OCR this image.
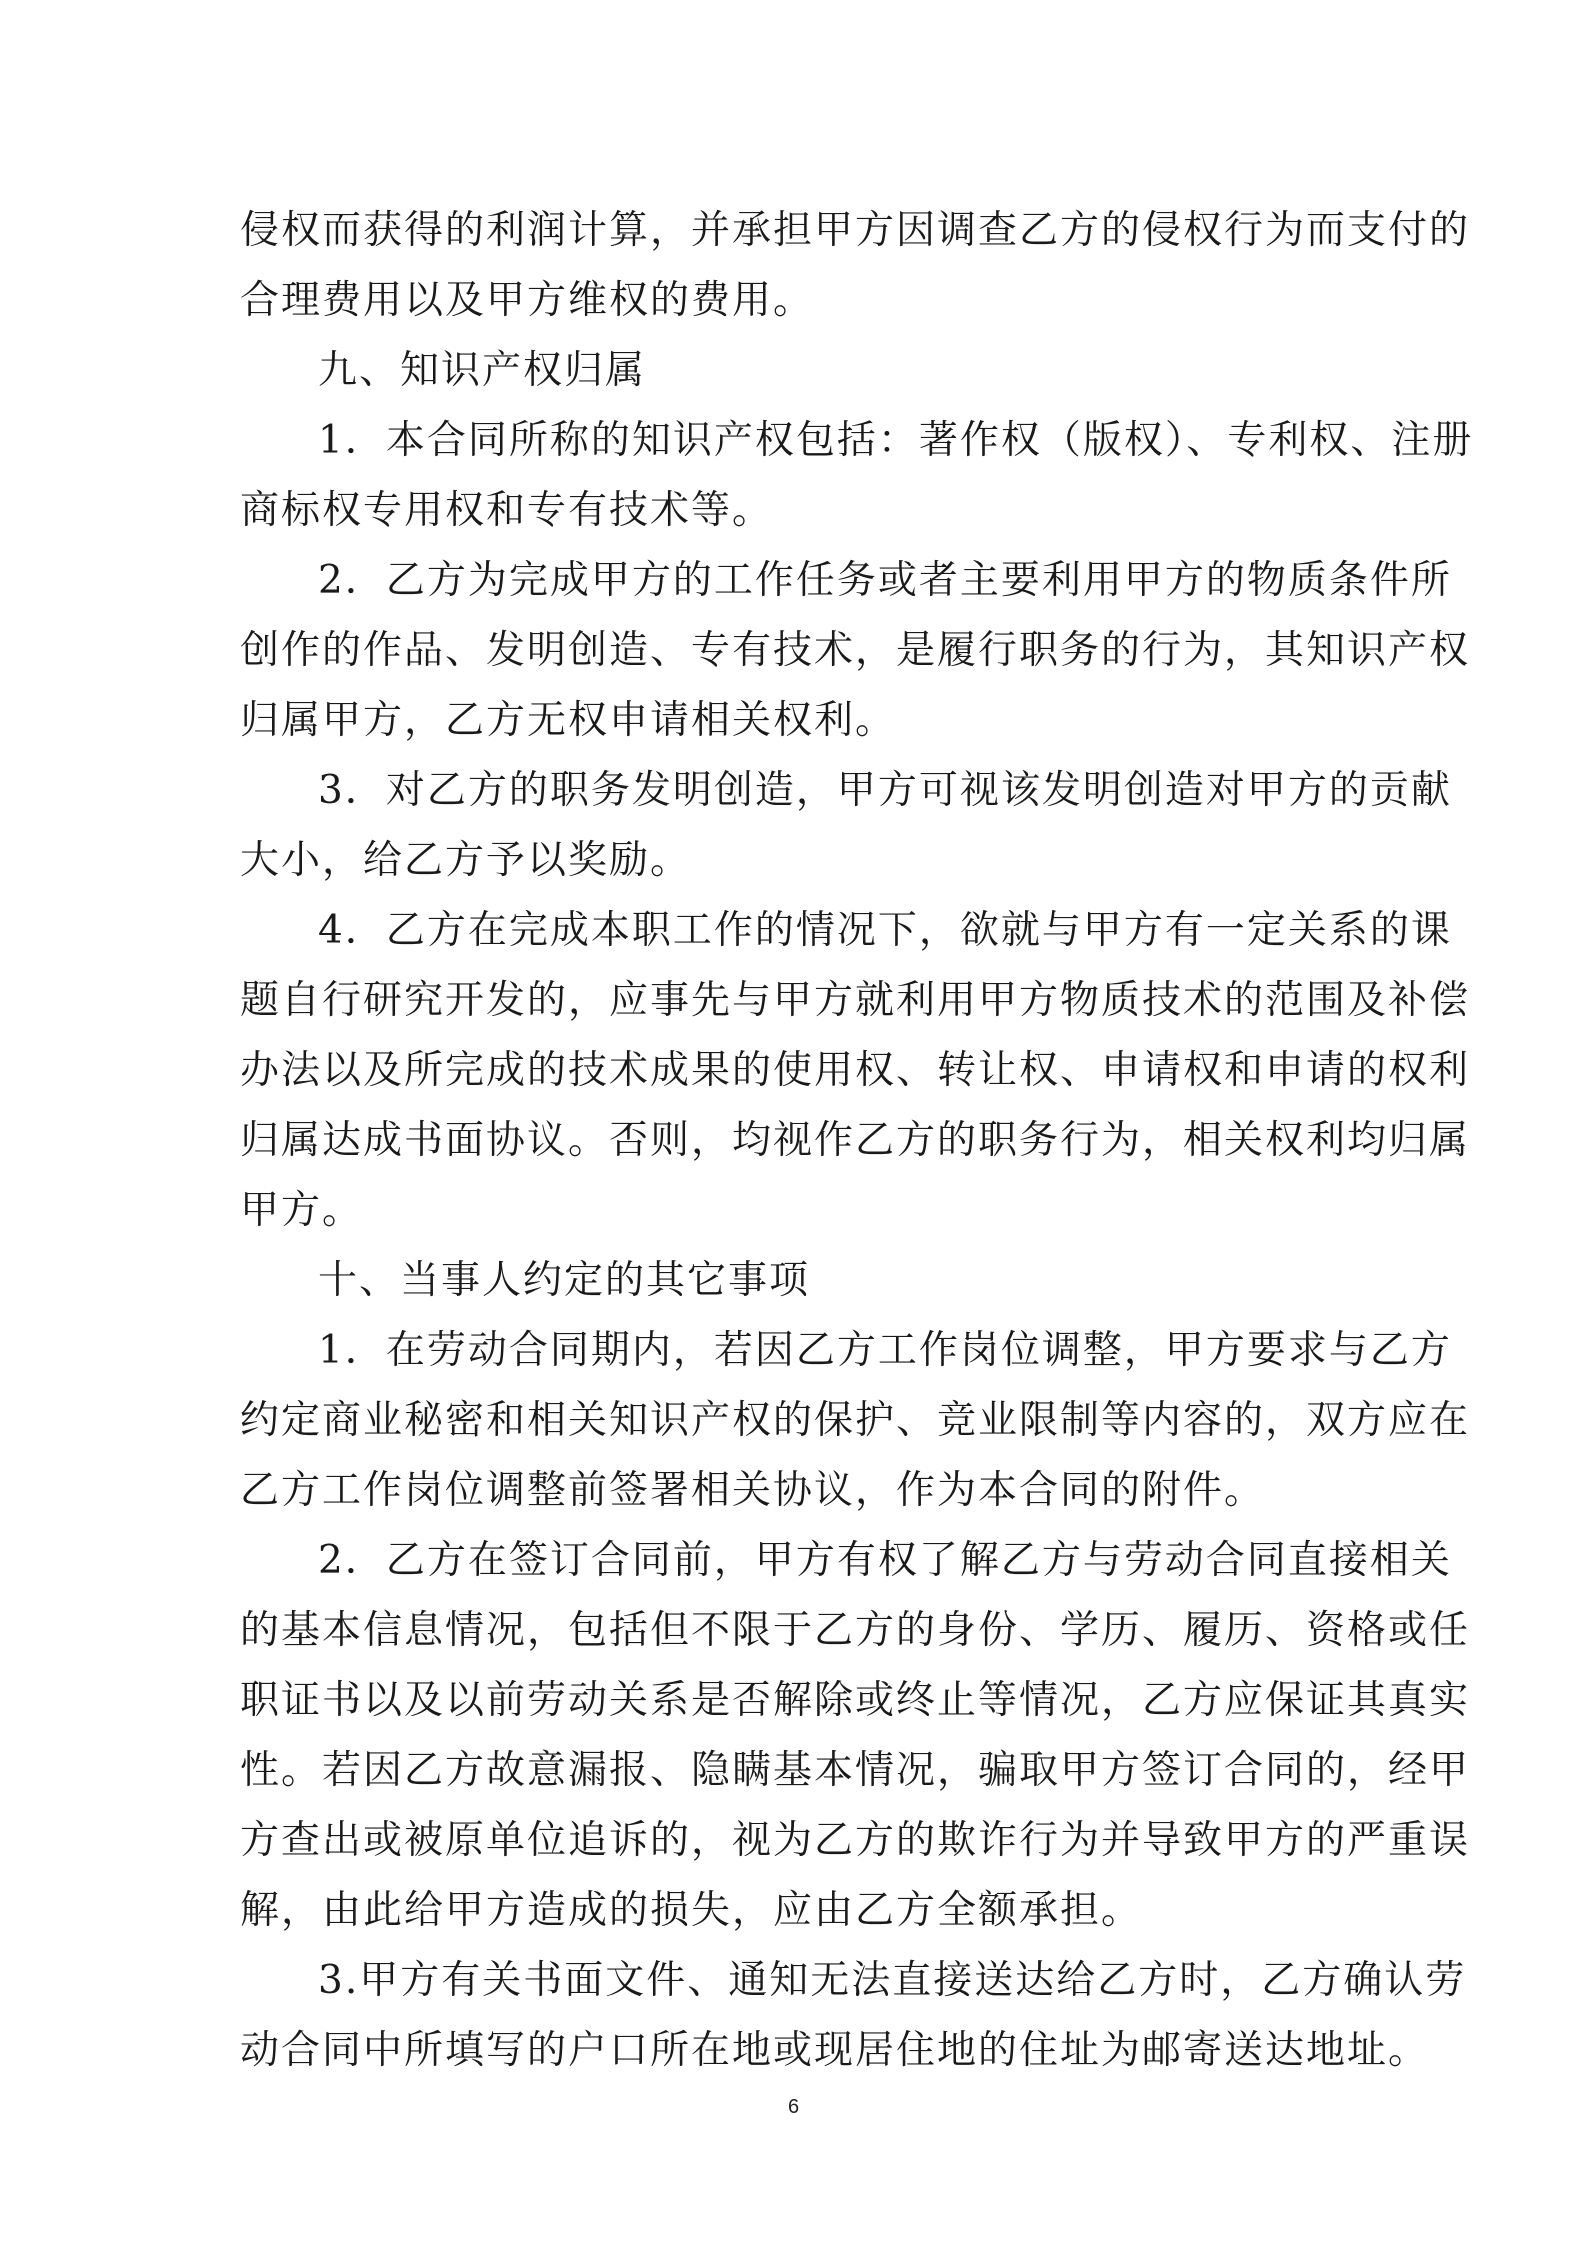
侵权而获得的利润计算，并承担甲方因调查乙方的侵权行为而支付的
合理费用以及甲方维权的费用。
九、知识产权归属
1．本合同所称的知识产权包括：著作权（版权）、专利权、注册
商标权专用权和专有技术等。
2．乙方为完成甲方的工作任务或者主要利用甲方的物质条件所
创作的作品、发明创造、专有技术，是履行职务的行为，其知识产权
归属甲方，乙方无权申请相关权利。
3．对乙方的职务发明创造，甲方可视该发明创造对甲方的贡献
大小，给乙方予以奖励。
4．乙方在完成本职工作的情况下，欲就与甲方有一定关系的课
题自行研究开发的，应事先与甲方就利用甲方物质技术的范围及补偿
办法以及所完成的技术成果的使用权、转让权、申请权和申请的权利
归属达成书面协议。否则，均视作乙方的职务行为，相关权利均归属
甲方。
十、当事人约定的其它事项
1．在劳动合同期内，若因乙方工作岗位调整，甲方要求与乙方
约定商业秘密和相关知识产权的保护、竞业限制等内容的，双方应在
乙方工作岗位调整前签署相关协议，作为本合同的附件。
2．乙方在签订合同前，甲方有权了解乙方与劳动合同直接相关
的基本信息情况，包括但不限于乙方的身份、学历、履历、资格或任
职证书以及以前劳动关系是否解除或终止等情况，乙方应保证其真实
性。若因乙方故意漏报、隐瞒基本情况，骗取甲方签订合同的，经甲
方查出或被原单位追诉的，视为乙方的欺诈行为并导致甲方的严重误
解，由此给甲方造成的损失，应由乙方全额承担。
3.甲方有关书面文件、通知无法直接送达给乙方时，乙方确认劳
动合同中所填写的户口所在地或现居住地的住址为邮寄送达地址。
6
